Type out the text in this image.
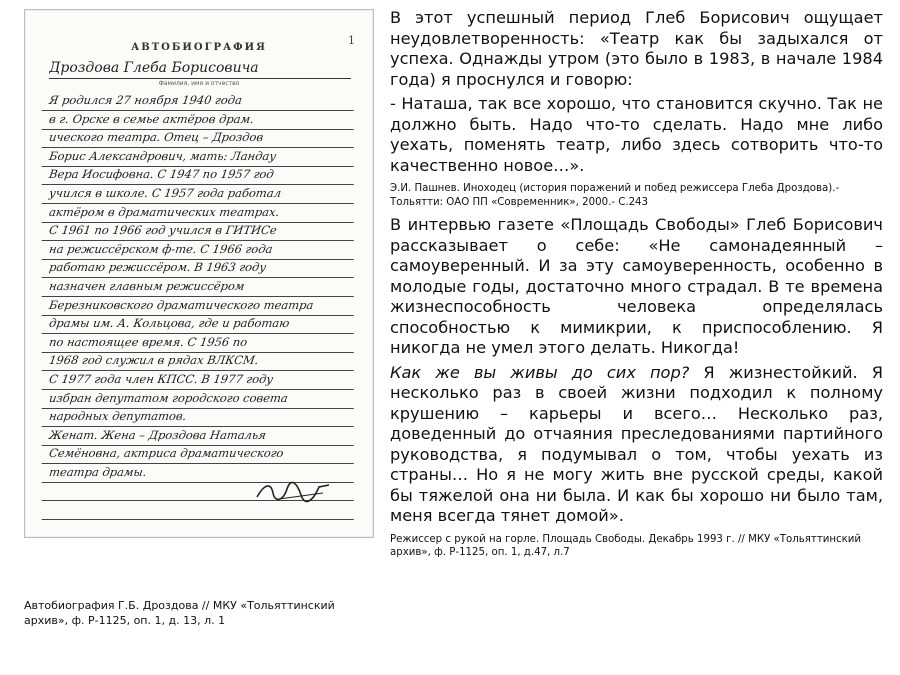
1
АВТОБИОГРАФИЯ
Дроздова Глеба Борисовича
Фамилия, имя и отчество
Я родился 27 ноября 1940 года
в г. Орске в семье актёров драм.
ического театра. Отец – Дроздов
Борис Александрович, мать: Ландау
Вера Иосифовна. С 1947 по 1957 год
учился в школе. С 1957 года работал
актёром в драматических театрах.
С 1961 по 1966 год учился в ГИТИСе
на режиссёрском ф-те. С 1966 года
работаю режиссёром. В 1963 году
назначен главным режиссёром
Березниковского драматического театра
драмы им. А. Кольцова, где и работаю
по настоящее время. С 1956 по
1968 год служил в рядах ВЛКСМ.
С 1977 года член КПСС. В 1977 году
избран депутатом городского совета
народных депутатов.
Женат. Жена – Дроздова Наталья
Семёновна, актриса драматического
театра драмы.
Автобиография Г.Б. Дроздова // МКУ «Тольяттинский архив», ф. Р-1125, оп. 1, д. 13, л. 1

В этот успешный период Глеб Борисович ощущает неудовлетворенность: «Театр как бы задыхался от успеха. Однажды утром (это было в 1983, в начале 1984 года) я проснулся и говорю:

- Наташа, так все хорошо, что становится скучно. Так не должно быть. Надо что-то сделать. Надо мне либо уехать, поменять театр, либо здесь сотворить что-то качественно новое…».

Э.И. Пашнев. Иноходец (история поражений и побед режиссера Глеба Дроздова).-Тольятти: ОАО ПП «Современник», 2000.- С.243

В интервью газете «Площадь Свободы» Глеб Борисович рассказывает о себе: «Не самонадеянный – самоуверенный. И за эту самоуверенность, особенно в молодые годы, достаточно много страдал. В те времена жизнеспособность человека определялась способностью к мимикрии, к приспособлению. Я никогда не умел этого делать. Никогда!

Как же вы живы до сих пор? Я жизнестойкий. Я несколько раз в своей жизни подходил к полному крушению – карьеры и всего… Несколько раз, доведенный до отчаяния преследованиями партийного руководства, я подумывал о том, чтобы уехать из страны… Но я не могу жить вне русской среды, какой бы тяжелой она ни была. И как бы хорошо ни было там, меня всегда тянет домой».

Режиссер с рукой на горле. Площадь Свободы. Декабрь 1993 г. // МКУ «Тольяттинский архив», ф. Р-1125, оп. 1, д.47, л.7
